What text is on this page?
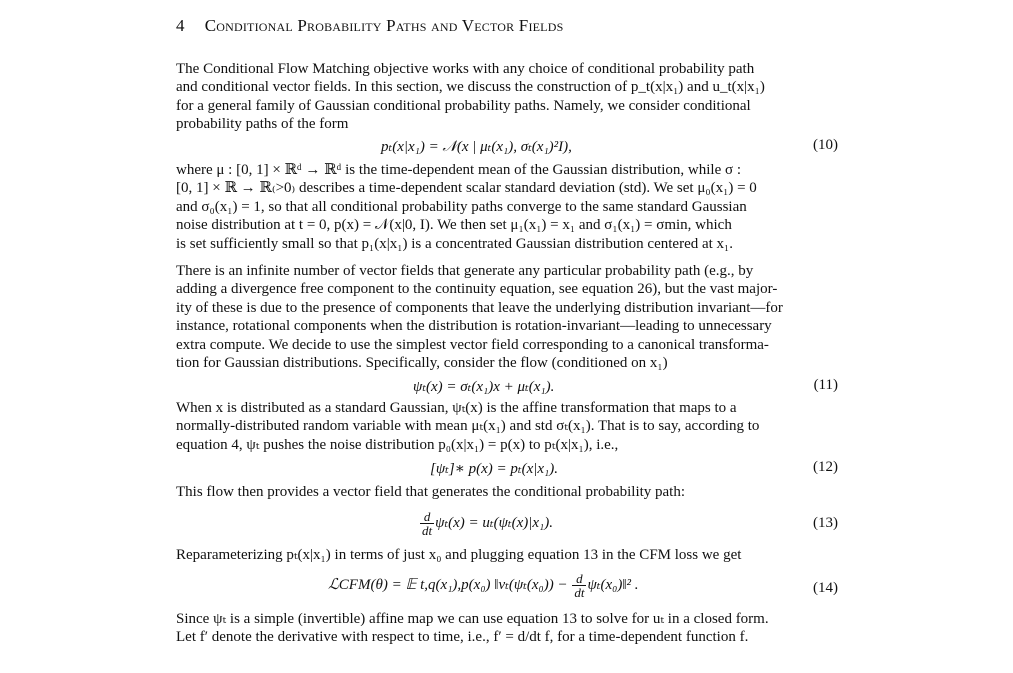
4 Conditional Probability Paths and Vector Fields
The Conditional Flow Matching objective works with any choice of conditional probability path
and conditional vector fields. In this section, we discuss the construction of p_t(x|x₁) and u_t(x|x₁)
for a general family of Gaussian conditional probability paths. Namely, we consider conditional
probability paths of the form
pₜ(x|x₁) = 𝒩(x | μₜ(x₁), σₜ(x₁)²I),	(10)
where μ : [0, 1] × ℝᵈ → ℝᵈ is the time-dependent mean of the Gaussian distribution, while σ :
[0, 1] × ℝ → ℝ₍>0₎ describes a time-dependent scalar standard deviation (std). We set μ₀(x₁) = 0
and σ₀(x₁) = 1, so that all conditional probability paths converge to the same standard Gaussian
noise distribution at t = 0, p(x) = 𝒩(x|0, I). We then set μ₁(x₁) = x₁ and σ₁(x₁) = σmin, which
is set sufficiently small so that p₁(x|x₁) is a concentrated Gaussian distribution centered at x₁.
There is an infinite number of vector fields that generate any particular probability path (e.g., by
adding a divergence free component to the continuity equation, see equation 26), but the vast major-
ity of these is due to the presence of components that leave the underlying distribution invariant—for
instance, rotational components when the distribution is rotation-invariant—leading to unnecessary
extra compute. We decide to use the simplest vector field corresponding to a canonical transforma-
tion for Gaussian distributions. Specifically, consider the flow (conditioned on x₁)
ψₜ(x) = σₜ(x₁)x + μₜ(x₁).	(11)
When x is distributed as a standard Gaussian, ψₜ(x) is the affine transformation that maps to a
normally-distributed random variable with mean μₜ(x₁) and std σₜ(x₁). That is to say, according to
equation 4, ψₜ pushes the noise distribution p₀(x|x₁) = p(x) to pₜ(x|x₁), i.e.,
[ψₜ]∗ p(x) = pₜ(x|x₁).	(12)
This flow then provides a vector field that generates the conditional probability path:
$\frac{d}{dt} \psi_t(x) = u_t(\psi_t(x)|x_1)$.	(13)
Reparameterizing pₜ(x|x₁) in terms of just x₀ and plugging equation 13 in the CFM loss we get
ℒCFM(θ) = 𝔼 t,q(x₁),p(x₀) ‖vₜ(ψₜ(x₀)) − $\frac{d}{dt}$ ψₜ(x₀)‖² .	(14)
Since ψₜ is a simple (invertible) affine map we can use equation 13 to solve for uₜ in a closed form.
Let f′ denote the derivative with respect to time, i.e., f′ = d/dt f, for a time-dependent function f.
